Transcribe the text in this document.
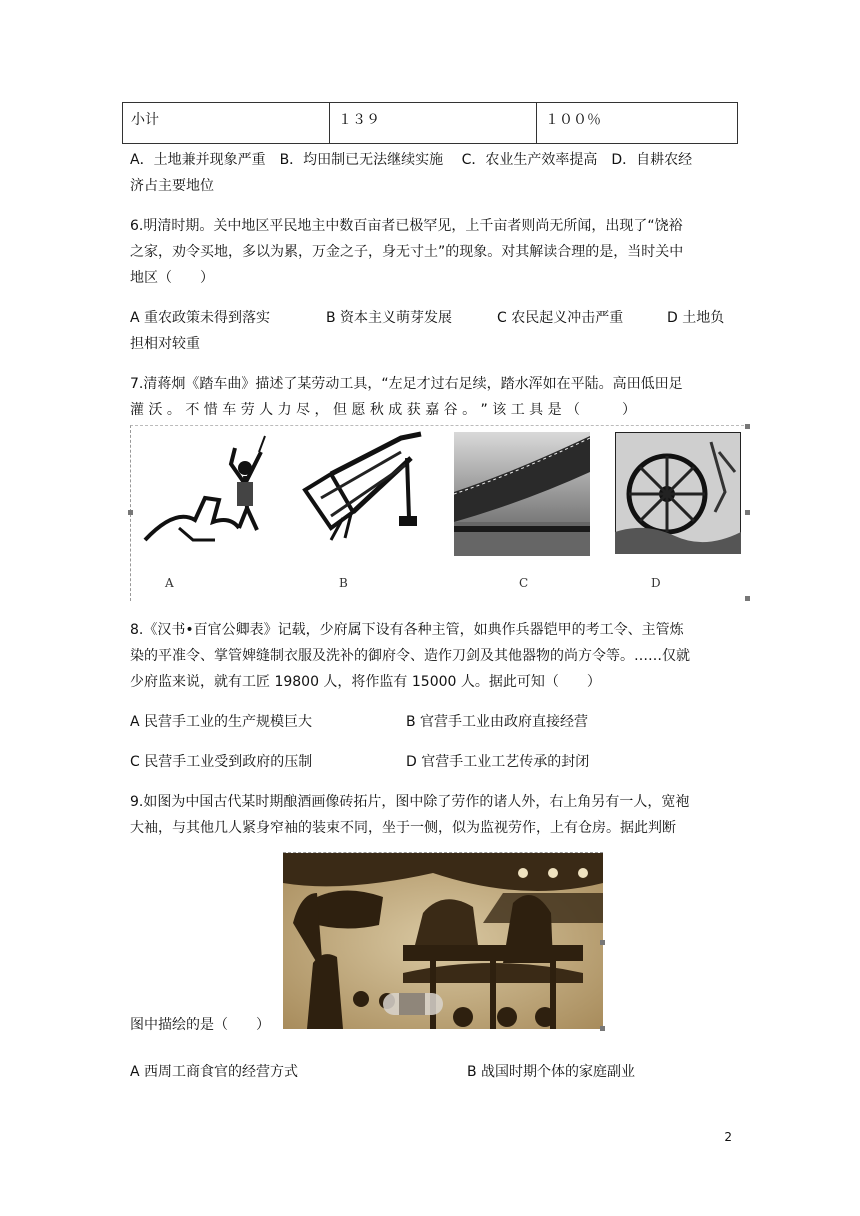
小计	１３９	１００％
A．土地兼并现象严重　B．均田制已无法继续实施　 C．农业生产效率提高　D．自耕农经
济占主要地位
6.明清时期。关中地区平民地主中数百亩者已极罕见，上千亩者则尚无所闻，出现了“饶裕
之家，劝令买地，多以为累，万金之子，身无寸土”的现象。对其解读合理的是，当时关中
地区（　　）
A 重农政策未得到落实	B 资本主义萌芽发展	C 农民起义冲击严重	D 土地负
担相对较重
7.清蒋炯《踏车曲》描述了某劳动工具，“左足才过右足续，踏水浑如在平陆。高田低田足
灌 沃 。 不 惜 车 劳 人 力 尽 ， 但 愿 秋 成 获 嘉 谷 。 ” 该 工 具 是 （　　　）
A	B	C	D
8.《汉书•百官公卿表》记载，少府属下设有各种主管，如典作兵器铠甲的考工令、主管炼
染的平准令、掌管婢缝制衣服及洗补的御府令、造作刀剑及其他器物的尚方令等。……仅就
少府监来说，就有工匠 19800 人，将作监有 15000 人。据此可知（　　）
A 民营手工业的生产规模巨大	B 官营手工业由政府直接经营
C 民营手工业受到政府的压制	D 官营手工业工艺传承的封闭
9.如图为中国古代某时期酿酒画像砖拓片，图中除了劳作的诸人外，右上角另有一人，宽袍
大袖，与其他几人紧身窄袖的装束不同，坐于一侧，似为监视劳作，上有仓房。据此判断
图中描绘的是（　　）
A 西周工商食官的经营方式	B 战国时期个体的家庭副业
2
